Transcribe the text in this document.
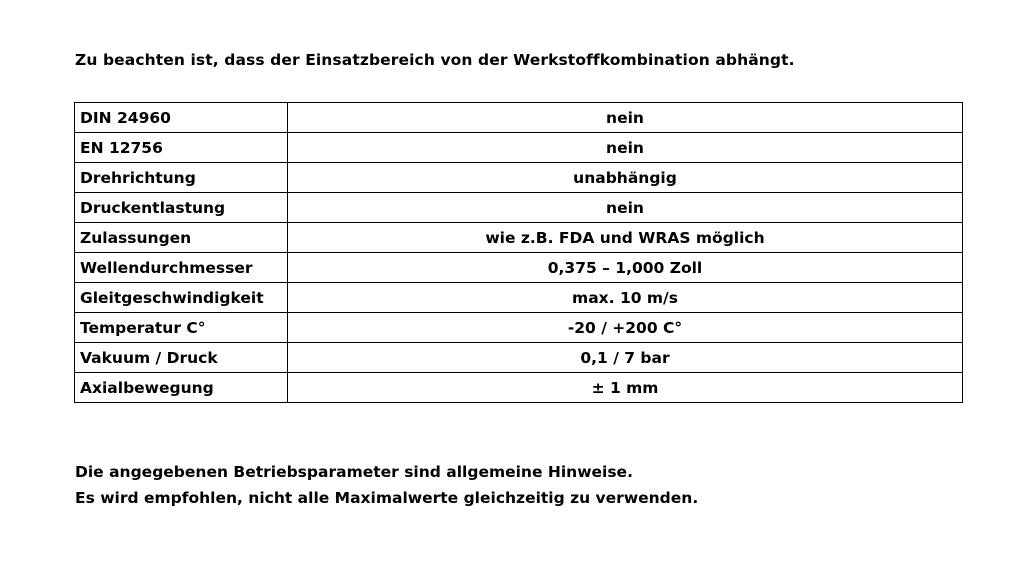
Zu beachten ist, dass der Einsatzbereich von der Werkstoffkombination abhängt.
DIN 24960	nein
EN 12756	nein
Drehrichtung	unabhängig
Druckentlastung	nein
Zulassungen	wie z.B. FDA und WRAS möglich
Wellendurchmesser	0,375 – 1,000 Zoll
Gleitgeschwindigkeit	max. 10 m/s
Temperatur C°	-20 / +200 C°
Vakuum / Druck	0,1 / 7 bar
Axialbewegung	± 1 mm
Die angegebenen Betriebsparameter sind allgemeine Hinweise.
Es wird empfohlen, nicht alle Maximalwerte gleichzeitig zu verwenden.
